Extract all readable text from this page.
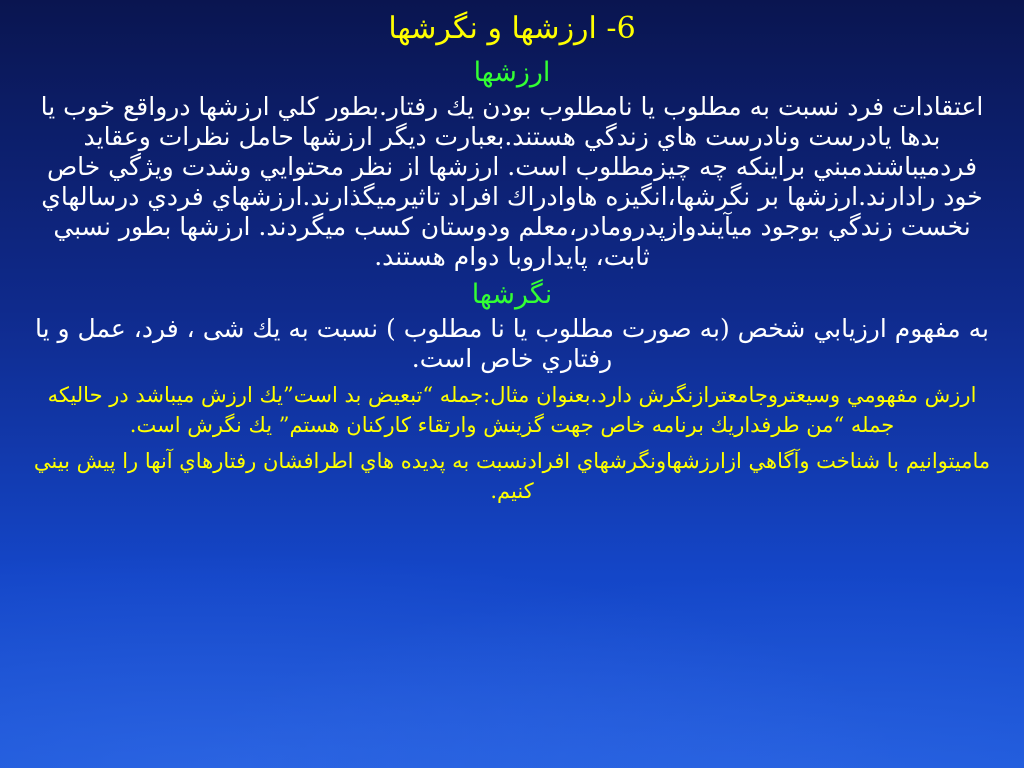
6- ارزشها و نگرشها
ارزشها

اعتقادات فرد نسبت به مطلوب يا نامطلوب بودن يك رفتار.بطور كلي ارزشها درواقع خوب يا بدها يادرست ونادرست هاي زندگي هستند.بعبارت ديگر ارزشها حامل نظرات وعقايد فردميباشندمبني براينكه چه چيزمطلوب است. ارزشها از نظر محتوايي وشدت ويژگي خاص خود رادارند.ارزشها بر نگرشها،انگيزه هاوادراك افراد تاثيرميگذارند.ارزشهاي فردي درسالهاي نخست زندگي بوجود ميآيندوازپدرومادر،معلم ودوستان كسب ميگردند. ارزشها بطور نسبي ثابت، پايداروبا دوام هستند.

نگرشها

به مفهوم ارزيابي شخص (به صورت مطلوب يا نا مطلوب ) نسبت به يك شی ، فرد، عمل و يا رفتاري خاص است.

ارزش مفهومي وسيعتروجامعترازنگرش دارد.بعنوان مثال:جمله “تبعيض بد است”يك ارزش ميباشد در حاليكه جمله “من طرفداريك برنامه خاص جهت گزينش وارتقاء كاركنان هستم” يك نگرش است.

ماميتوانيم با شناخت وآگاهي ازارزشهاونگرشهاي افرادنسبت به پديده هاي اطرافشان رفتارهاي آنها را پيش بيني كنيم.
